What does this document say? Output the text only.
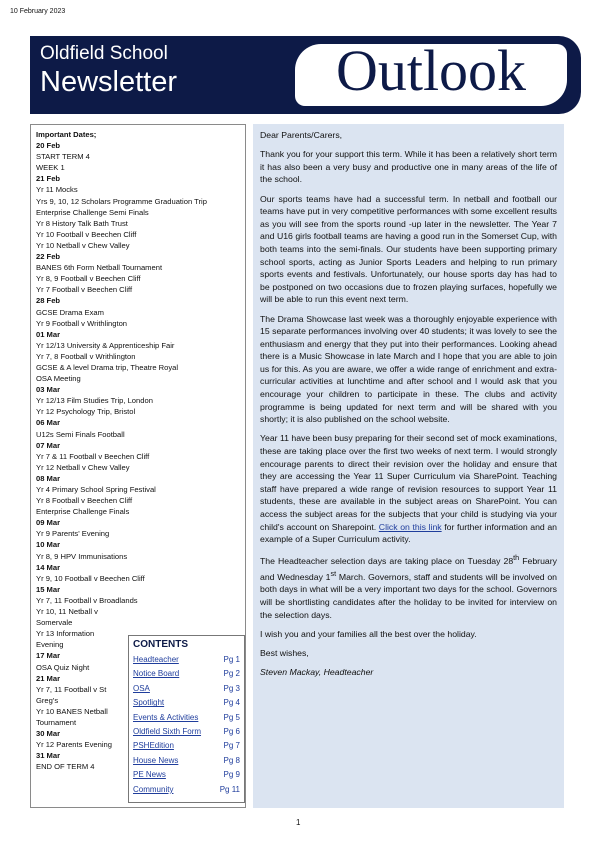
10 February 2023
Oldfield School
Newsletter	Outlook
Important Dates;
20 Feb
START TERM 4
WEEK 1
21 Feb
Yr 11 Mocks
Yrs 9, 10, 12 Scholars Programme Graduation Trip
Enterprise Challenge Semi Finals
Yr 8 History Talk Bath Trust
Yr 10 Football v Beechen Cliff
Yr 10 Netball v Chew Valley
22 Feb
BANES 6th Form Netball Tournament
Yr 8, 9 Football v Beechen Cliff
Yr 7 Football v Beechen Cliff
28 Feb
GCSE Drama Exam
Yr 9 Football v Writhlington
01 Mar
Yr 12/13 University & Apprenticeship Fair
Yr 7, 8 Football v Writhlington
GCSE & A level Drama trip, Theatre Royal
OSA Meeting
03 Mar
Yr 12/13 Film Studies Trip, London
Yr 12 Psychology Trip, Bristol
06 Mar
U12s Semi Finals Football
07 Mar
Yr 7 & 11 Football v Beechen Cliff
Yr 12 Netball v Chew Valley
08 Mar
Yr 4 Primary School Spring Festival
Yr 8 Football v Beechen Cliff
Enterprise Challenge Finals
09 Mar
Yr 9 Parents' Evening
10 Mar
Yr 8, 9 HPV Immunisations
14 Mar
Yr 9, 10 Football v Beechen Cliff
15 Mar
Yr 7, 11 Football v Broadlands
Yr 10, 11 Netball v
Somervale
Yr 13 Information
Evening
17 Mar
OSA Quiz Night
21 Mar
Yr 7, 11 Football v St
Greg's
Yr 10 BANES Netball
Tournament
30 Mar
Yr 12 Parents Evening
31 Mar
END OF TERM 4
CONTENTS
Headteacher	Pg 1
Notice Board	Pg 2
OSA	Pg 3
Spotlight	Pg 4
Events & Activities	Pg 5
Oldfield Sixth Form	Pg 6
PSHEdition	Pg 7
House News	Pg 8
PE News	Pg 9
Community	Pg 11

Dear Parents/Carers,

Thank you for your support this term. While it has been a relatively short term it has also been a very busy and productive one in many areas of the life of the school.

Our sports teams have had a successful term. In netball and football our teams have put in very competitive performances with some excellent results as you will see from the sports round -up later in the newsletter. The Year 7 and U16 girls football teams are having a good run in the Somerset Cup, with both teams into the semi-finals. Our students have been supporting primary school sports, acting as Junior Sports Leaders and helping to run primary sports events and festivals. Unfortunately, our house sports day has had to be postponed on two occasions due to frozen playing surfaces, hopefully we will be able to run this event next term.

The Drama Showcase last week was a thoroughly enjoyable experience with 15 separate performances involving over 40 students; it was lovely to see the enthusiasm and energy that they put into their performances. Looking ahead there is a Music Showcase in late March and I hope that you are able to join us for this. As you are aware, we offer a wide range of enrichment and extra-curricular activities at lunchtime and after school and I would ask that you encourage your children to participate in these. The clubs and activity programme is being updated for next term and will be shared with you shortly; it is also published on the school website.

Year 11 have been busy preparing for their second set of mock examinations, these are taking place over the first two weeks of next term. I would strongly encourage parents to direct their revision over the holiday and ensure that they are accessing the Year 11 Super Curriculum via SharePoint. Teaching staff have prepared a wide range of revision resources to support Year 11 students, these are available in the subject areas on SharePoint. You can access the subject areas for the subjects that your child is studying via your child's account on Sharepoint. Click on this link for further information and an example of a Super Curriculum activity.

The Headteacher selection days are taking place on Tuesday 28th February and Wednesday 1st March. Governors, staff and students will be involved on both days in what will be a very important two days for the school. Governors will be shortlisting candidates after the holiday to be invited for interview on the selection days.

I wish you and your families all the best over the holiday.

Best wishes,

Steven Mackay, Headteacher

1
